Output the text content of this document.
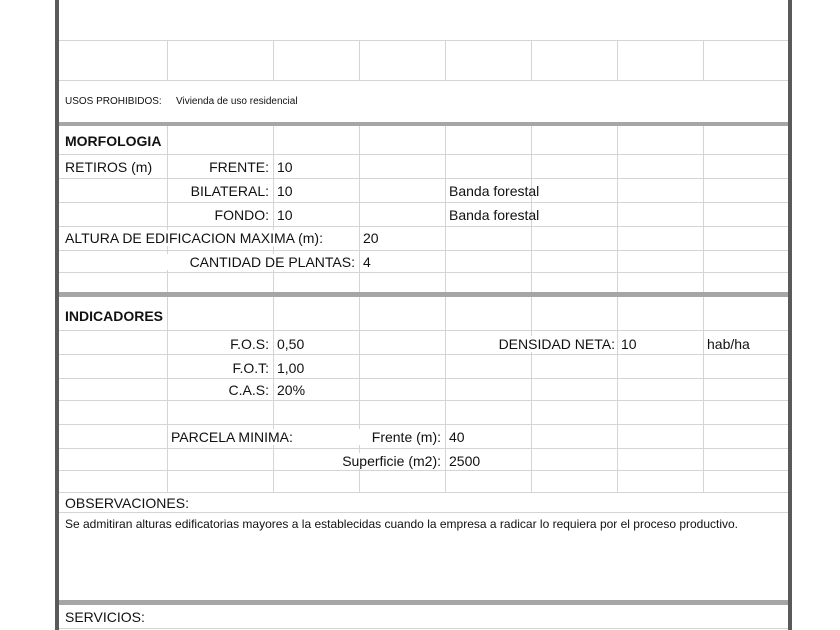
USOS PROHIBIDOS: Vivienda de uso residencial
MORFOLOGIA
RETIROS (m)	FRENTE: 10
BILATERAL: 10	Banda forestal
FONDO: 10	Banda forestal
ALTURA DE EDIFICACION MAXIMA (m):	20
CANTIDAD DE PLANTAS: 4
INDICADORES
F.O.S: 0,50	DENSIDAD NETA: 10	hab/ha
F.O.T: 1,00
C.A.S: 20%
PARCELA MINIMA:	Frente (m): 40
Superficie (m2): 2500
OBSERVACIONES:
Se admitiran alturas edificatorias mayores a la establecidas cuando la empresa a radicar lo requiera por el proceso productivo.
SERVICIOS:
